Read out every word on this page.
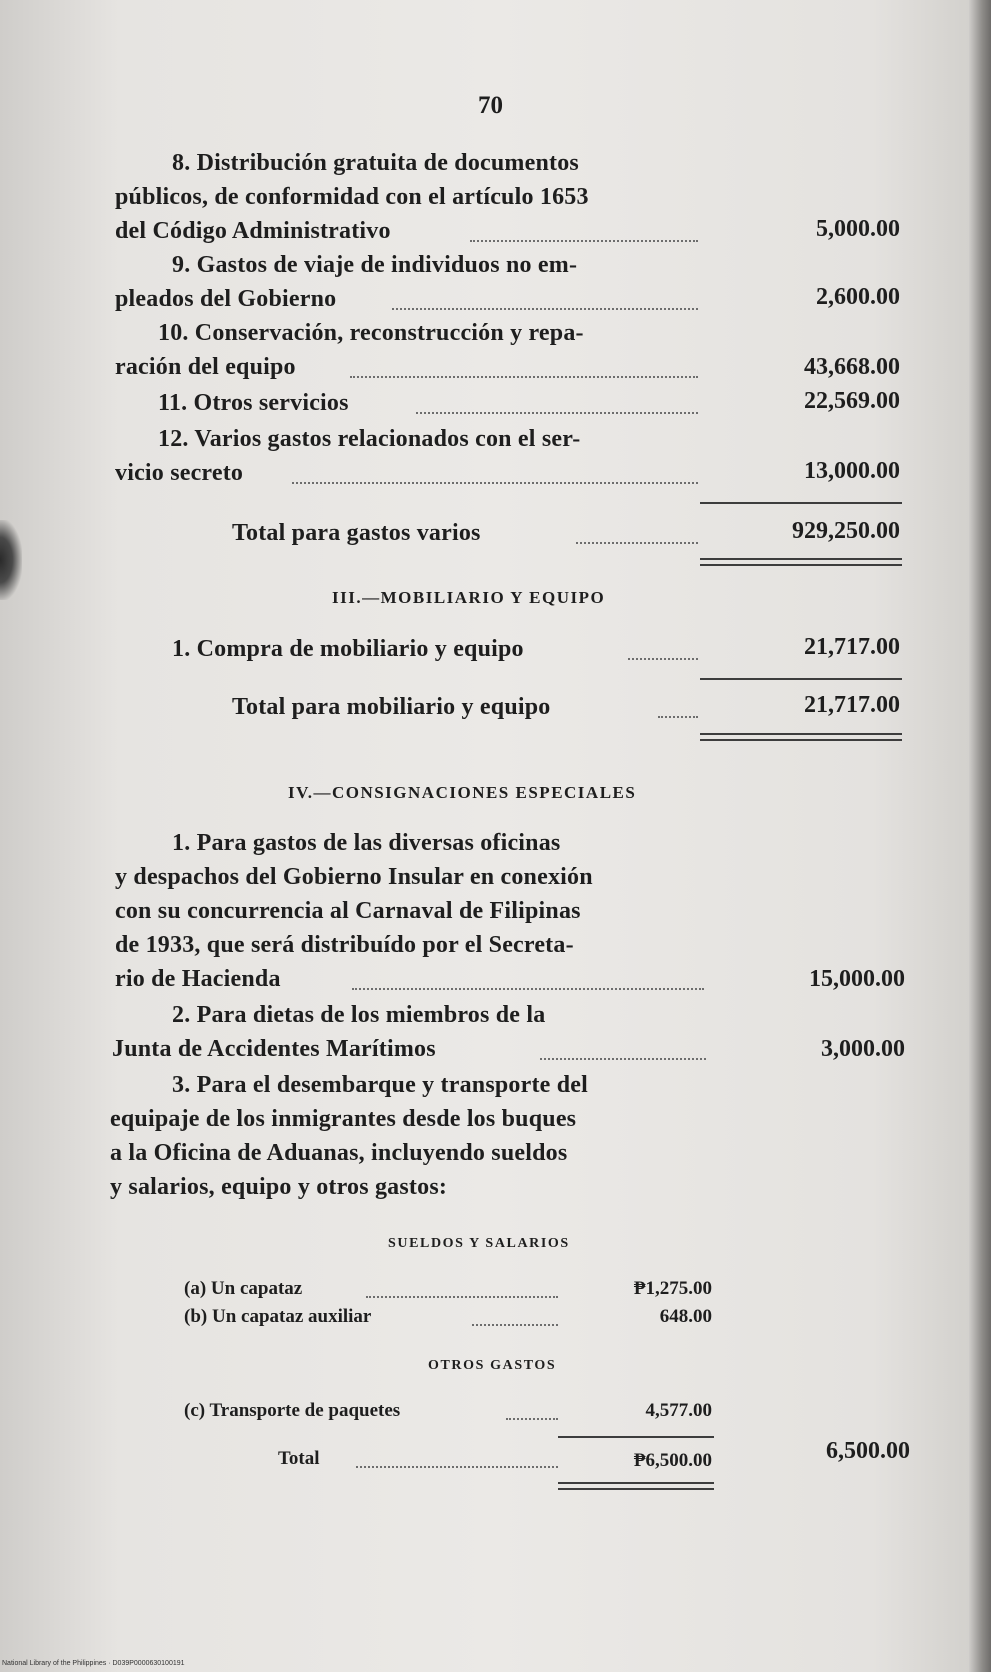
70
8. Distribución gratuita de documentos
públicos, de conformidad con el artículo 1653
del Código Administrativo	5,000.00
9. Gastos de viaje de individuos no em-
pleados del Gobierno	2,600.00
10. Conservación, reconstrucción y repa-
ración del equipo	43,668.00
11. Otros servicios	22,569.00
12. Varios gastos relacionados con el ser-
vicio secreto	13,000.00
Total para gastos varios	929,250.00
III.—MOBILIARIO Y EQUIPO
1. Compra de mobiliario y equipo	21,717.00
Total para mobiliario y equipo	21,717.00
IV.—CONSIGNACIONES ESPECIALES
1. Para gastos de las diversas oficinas
y despachos del Gobierno Insular en conexión
con su concurrencia al Carnaval de Filipinas
de 1933, que será distribuído por el Secreta-
rio de Hacienda	15,000.00
2. Para dietas de los miembros de la
Junta de Accidentes Marítimos	3,000.00
3. Para el desembarque y transporte del
equipaje de los inmigrantes desde los buques
a la Oficina de Aduanas, incluyendo sueldos
y salarios, equipo y otros gastos:
SUELDOS Y SALARIOS
(a) Un capataz	₱1,275.00
(b) Un capataz auxiliar	648.00
OTROS GASTOS
(c) Transporte de paquetes	4,577.00
Total	₱6,500.00	6,500.00
National Library of the Philippines · D039P0000630100191
